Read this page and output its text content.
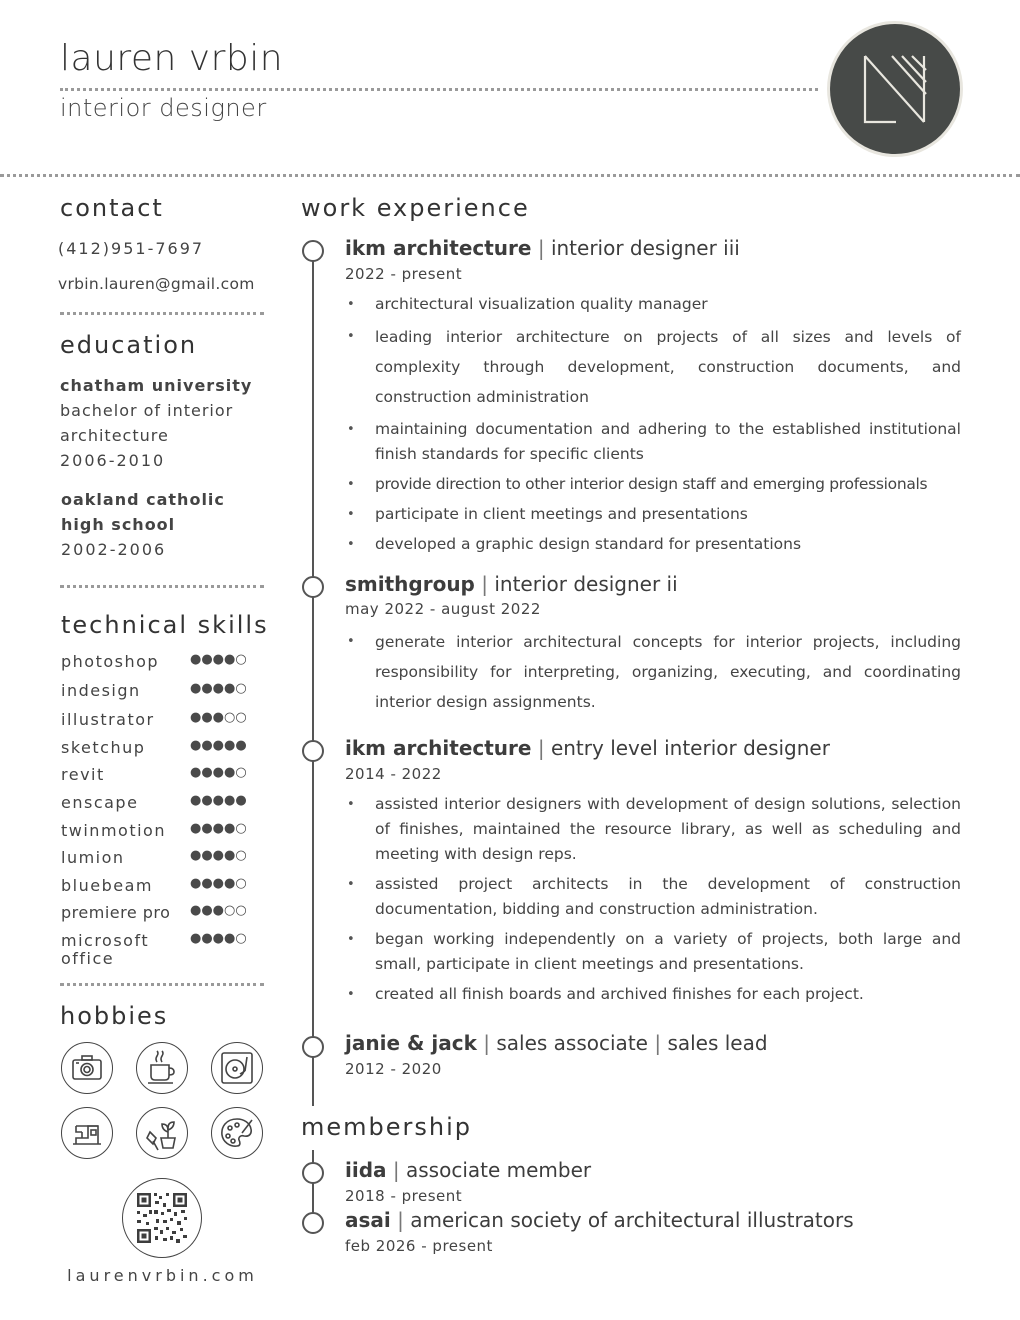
lauren vrbin
interior designer
contact
(412)951-7697
vrbin.lauren@gmail.com
education
chatham university
bachelor of interior
architecture
2006-2010
oakland catholic
high school
2002-2006
technical skills
photoshop ●●●●○
indesign	●●●●○
illustrator	●●●○○
sketchup	●●●●●
revit	●●●●○
enscape	●●●●●
twinmotion ●●●●○
lumion	●●●●○
bluebeam	●●●●○
premiere pro ●●●○○
microsoft
office
●●●●○
hobbies
laurenvrbin.com
work experience
ikm architecture | interior designer iii
2022 - present
• architectural visualization quality manager
• leading interior architecture on projects of all sizes and levels of complexity through development, construction documents, and construction administration
• maintaining documentation and adhering to the established institutional finish standards for specific clients
• provide direction to other interior design staff and emerging professionals
• participate in client meetings and presentations
• developed a graphic design standard for presentations
smithgroup | interior designer ii
may 2022 - august 2022
• generate interior architectural concepts for interior projects, including responsibility for interpreting, organizing, executing, and coordinating interior design assignments.
ikm architecture | entry level interior designer
2014 - 2022
• assisted interior designers with development of design solutions, selection of finishes, maintained the resource library, as well as scheduling and meeting with design reps.
• assisted project architects in the development of construction documentation, bidding and construction administration.
• began working independently on a variety of projects, both large and small, participate in client meetings and presentations.
• created all finish boards and archived finishes for each project.
janie & jack | sales associate | sales lead
2012 - 2020
membership
iida | associate member
2018 - present
asai | american society of architectural illustrators
feb 2026 - present
